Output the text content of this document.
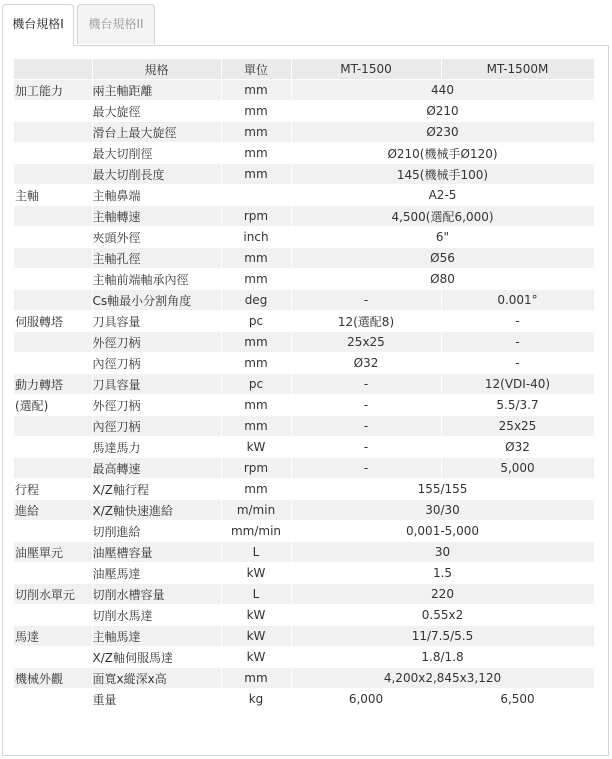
機台規格I	機台規格II
	規格	單位	MT-1500	MT-1500M
加工能力	兩主軸距離	mm	440	
	最大旋徑	mm	Ø210	
	滑台上最大旋徑	mm	Ø230	
	最大切削徑	mm	Ø210(機械手Ø120)	
	最大切削長度	mm	145(機械手100)	
主軸	主軸鼻端		A2-5	
	主軸轉速	rpm	4,500(選配6,000)	
	夾頭外徑	inch	6"	
	主軸孔徑	mm	Ø56	
	主軸前端軸承內徑	mm	Ø80	
	Cs軸最小分割角度	deg	-	0.001°
伺服轉塔	刀具容量	pc	12(選配8)	-
	外徑刀柄	mm	25x25	-
	內徑刀柄	mm	Ø32	-
動力轉塔	刀具容量	pc	-	12(VDI-40)
(選配)	外徑刀柄	mm	-	5.5/3.7
	內徑刀柄	mm	-	25x25
	馬達馬力	kW	-	Ø32
	最高轉速	rpm	-	5,000
行程	X/Z軸行程	mm	155/155	
進給	X/Z軸快速進給	m/min	30/30	
	切削進給	mm/min	0,001-5,000	
油壓單元	油壓槽容量	L	30	
	油壓馬達	kW	1.5	
切削水單元	切削水槽容量	L	220	
	切削水馬達	kW	0.55x2	
馬達	主軸馬達	kW	11/7.5/5.5	
	X/Z軸伺服馬達	kW	1.8/1.8	
機械外觀	面寬x縱深x高	mm	4,200x2,845x3,120	
	重量	kg	6,000	6,500
